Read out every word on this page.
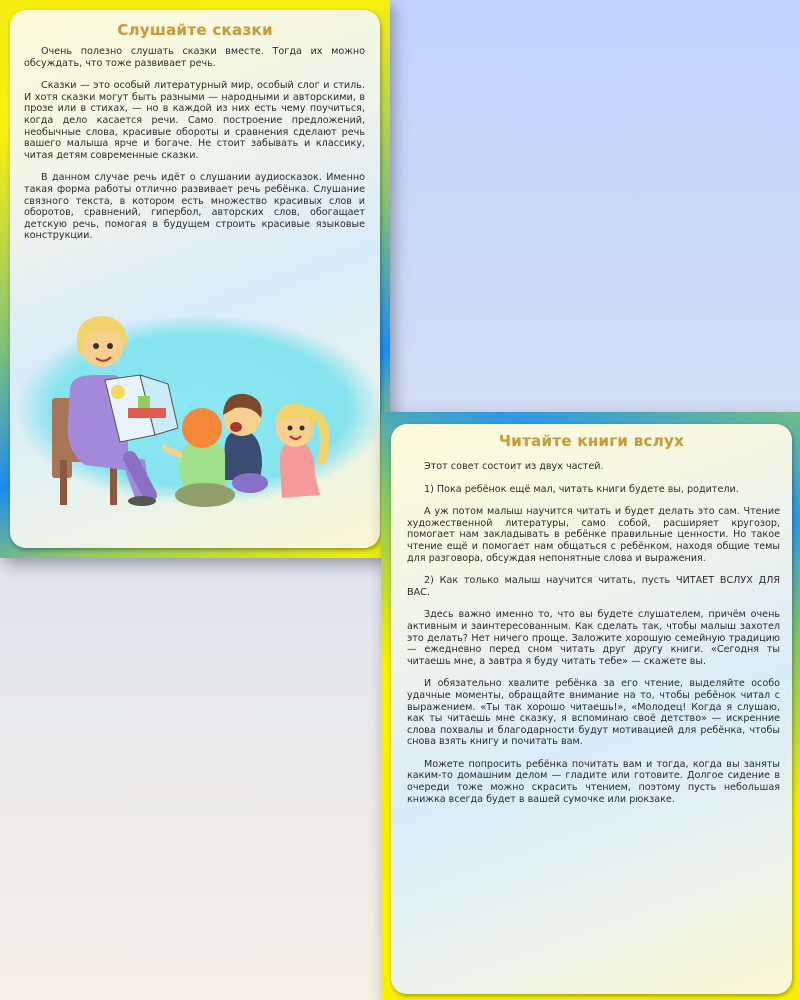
Слушайте сказки

Очень полезно слушать сказки вместе. Тогда их можно обсуждать, что тоже развивает речь.

Сказки — это особый литературный мир, особый слог и стиль. И хотя сказки могут быть разными — народными и авторскими, в прозе или в стихах, — но в каждой из них есть чему поучиться, когда дело касается речи. Само построение предложений, необычные слова, красивые обороты и сравнения сделают речь вашего малыша ярче и богаче. Не стоит забывать и классику, читая детям современные сказки.

В данном случае речь идёт о слушании аудиосказок. Именно такая форма работы отлично развивает речь ребёнка. Слушание связного текста, в котором есть множество красивых слов и оборотов, сравнений, гипербол, авторских слов, обогащает детскую речь, помогая в будущем строить красивые языковые конструкции.

Читайте книги вслух

Этот совет состоит из двух частей.

1) Пока ребёнок ещё мал, читать книги будете вы, родители.

А уж потом малыш научится читать и будет делать это сам. Чтение художественной литературы, само собой, расширяет кругозор, помогает нам закладывать в ребёнке правильные ценности. Но такое чтение ещё и помогает нам общаться с ребёнком, находя общие темы для разговора, обсуждая непонятные слова и выражения.

2) Как только малыш научится читать, пусть ЧИТАЕТ ВСЛУХ ДЛЯ ВАС.

Здесь важно именно то, что вы будете слушателем, причём очень активным и заинтересованным. Как сделать так, чтобы малыш захотел это делать? Нет ничего проще. Заложите хорошую семейную традицию — ежедневно перед сном читать друг другу книги. «Сегодня ты читаешь мне, а завтра я буду читать тебе» — скажете вы.

И обязательно хвалите ребёнка за его чтение, выделяйте особо удачные моменты, обращайте внимание на то, чтобы ребёнок читал с выражением. «Ты так хорошо читаешь!», «Молодец! Когда я слушаю, как ты читаешь мне сказку, я вспоминаю своё детство» — искренние слова похвалы и благодарности будут мотивацией для ребёнка, чтобы снова взять книгу и почитать вам.

Можете попросить ребёнка почитать вам и тогда, когда вы заняты каким-то домашним делом — гладите или готовите. Долгое сидение в очереди тоже можно скрасить чтением, поэтому пусть небольшая книжка всегда будет в вашей сумочке или рюкзаке.
